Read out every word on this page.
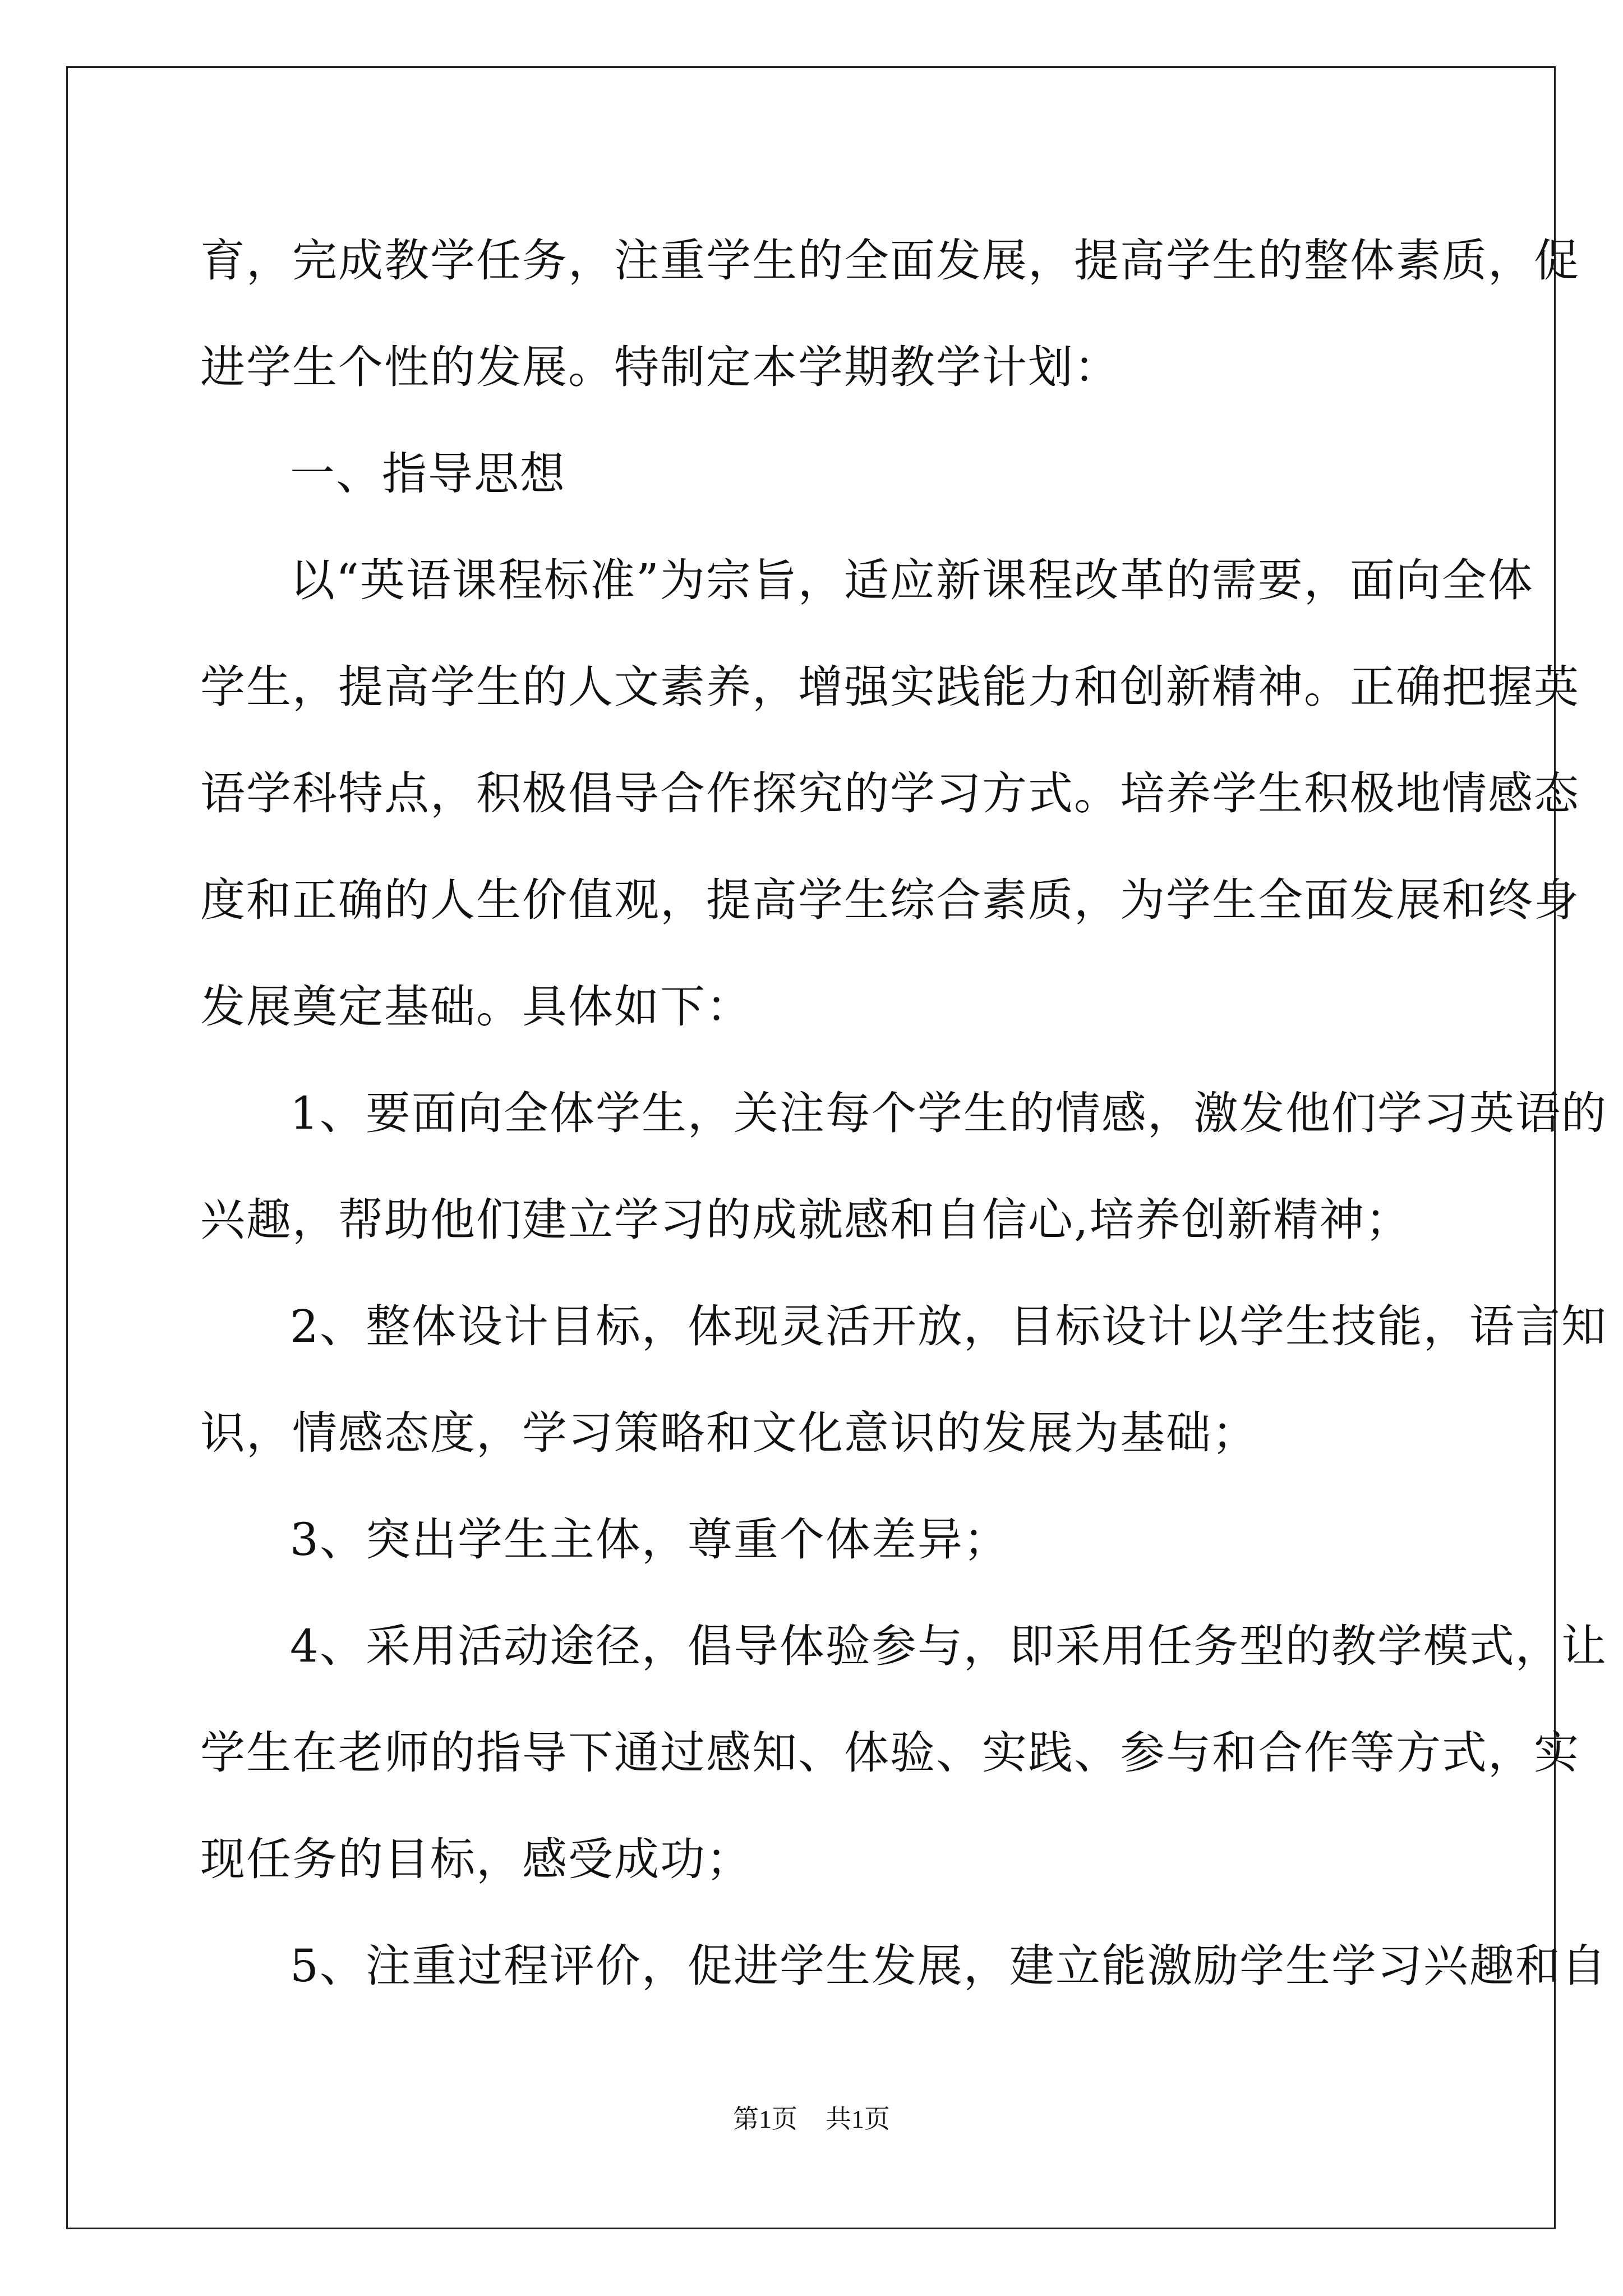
育，完成教学任务，注重学生的全面发展，提高学生的整体素质，促
进学生个性的发展。特制定本学期教学计划：
一、指导思想
以“英语课程标准”为宗旨，适应新课程改革的需要，面向全体
学生，提高学生的人文素养，增强实践能力和创新精神。正确把握英
语学科特点，积极倡导合作探究的学习方式。培养学生积极地情感态
度和正确的人生价值观，提高学生综合素质，为学生全面发展和终身
发展奠定基础。具体如下：
1、要面向全体学生，关注每个学生的情感，激发他们学习英语的
兴趣，帮助他们建立学习的成就感和自信心,培养创新精神；
2、整体设计目标，体现灵活开放，目标设计以学生技能，语言知
识，情感态度，学习策略和文化意识的发展为基础；
3、突出学生主体，尊重个体差异；
4、采用活动途径，倡导体验参与，即采用任务型的教学模式，让
学生在老师的指导下通过感知、体验、实践、参与和合作等方式，实
现任务的目标，感受成功；
5、注重过程评价，促进学生发展，建立能激励学生学习兴趣和自
第1页 共1页
